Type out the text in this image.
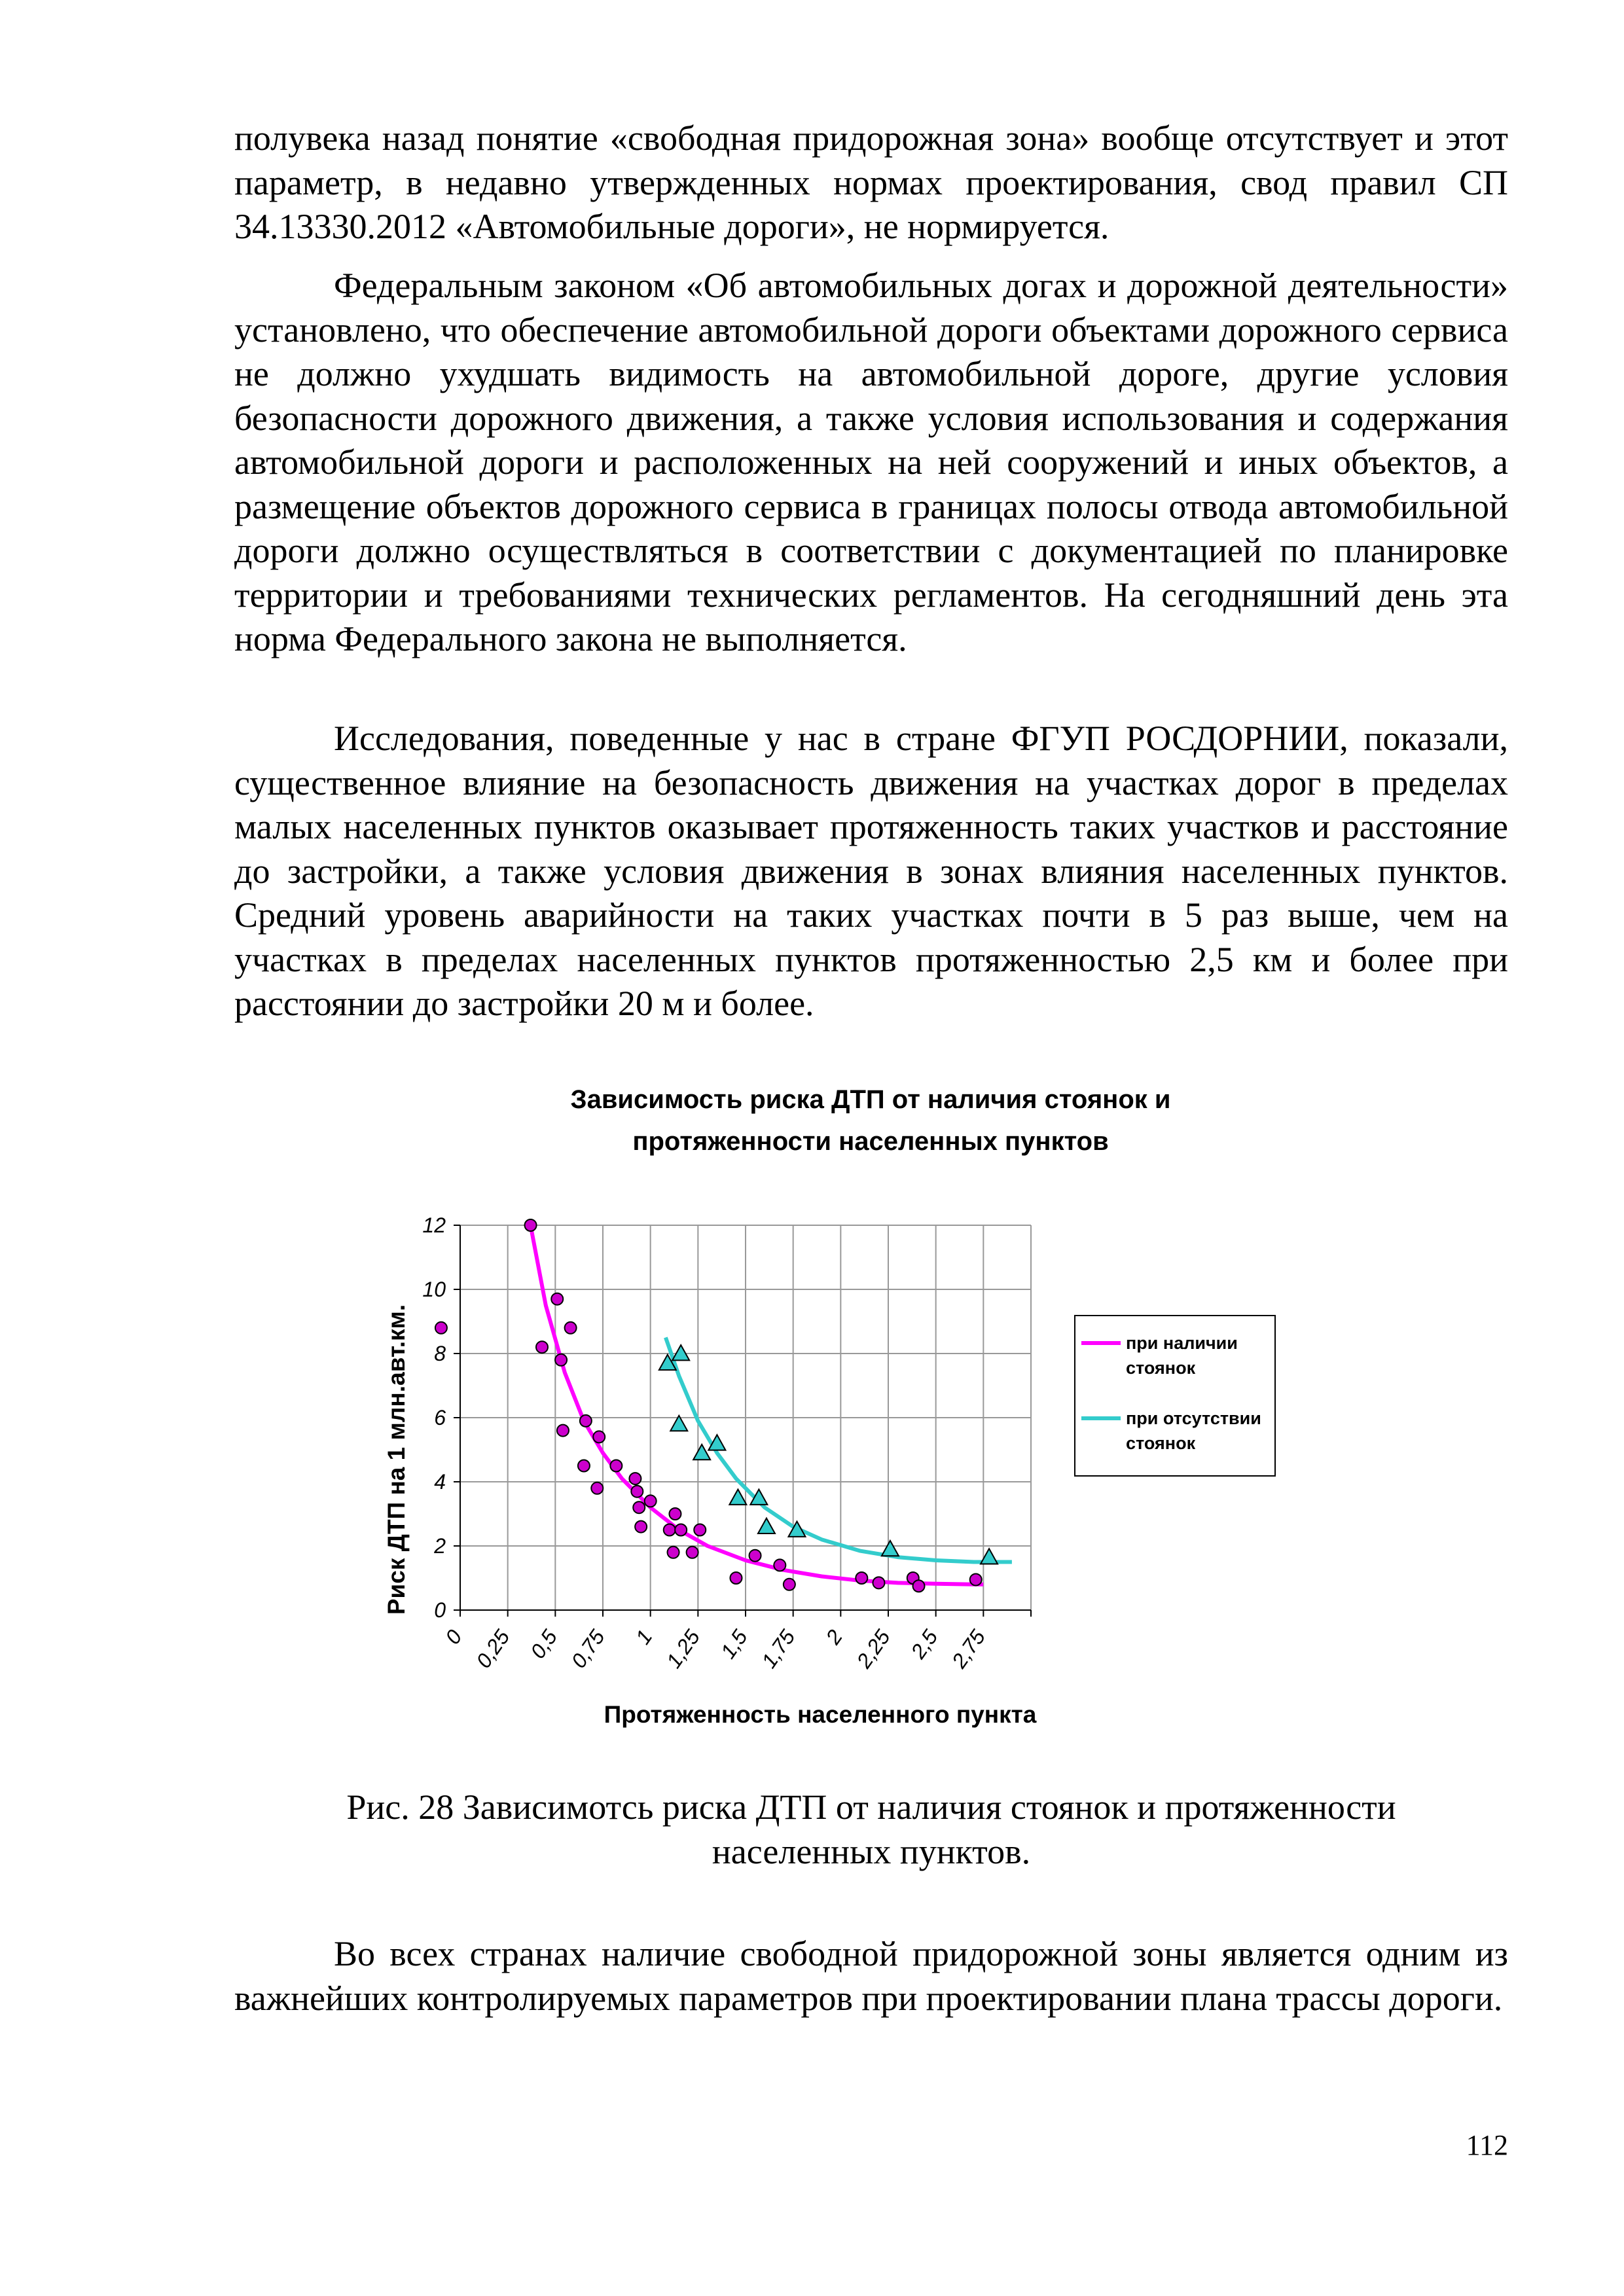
полувека назад понятие «свободная придорожная зона» вообще отсутствует и этот параметр, в недавно утвержденных нормах проектирования, свод правил СП 34.13330.2012 «Автомобильные дороги», не нормируется.

Федеральным законом «Об автомобильных догах и дорожной деятельности» установлено, что обеспечение автомобильной дороги объектами дорожного сервиса не должно ухудшать видимость на автомобильной дороге, другие условия безопасности дорожного движения, а также условия использования и содержания автомобильной дороги и расположенных на ней сооружений и иных объектов, а размещение объектов дорожного сервиса в границах полосы отвода автомобильной дороги должно осуществляться в соответствии с документацией по планировке территории и требованиями технических регламентов. На сегодняшний день эта норма Федерального закона не выполняется.

Исследования, поведенные у нас в стране ФГУП РОСДОРНИИ, показали, существенное влияние на безопасность движения на участках дорог в пределах малых населенных пунктов оказывает протяженность таких участков и расстояние до застройки, а также условия движения в зонах влияния населенных пунктов. Средний уровень аварийности на таких участках почти в 5 раз выше, чем на участках в пределах населенных пунктов протяженностью 2,5 км и более при расстоянии до застройки 20 м и более.

Зависимость риска ДТП от наличия стоянок и
протяженности населенных пунктов
0
2
4
6
8
10
12
0 0,25 0,5 0,75 1 1,25 1,5 1,75 2 2,25 2,5 2,75
Протяженность населенного пункта
Риск ДТП на 1 млн.авт.км.	при наличии стоянок
при отсутствии стоянок
Рис. 28 Зависимотсь риска ДТП от наличия стоянок и протяженности
населенных пунктов.

Во всех странах наличие свободной придорожной зоны является одним из важнейших контролируемых параметров при проектировании плана трассы дороги.

112
